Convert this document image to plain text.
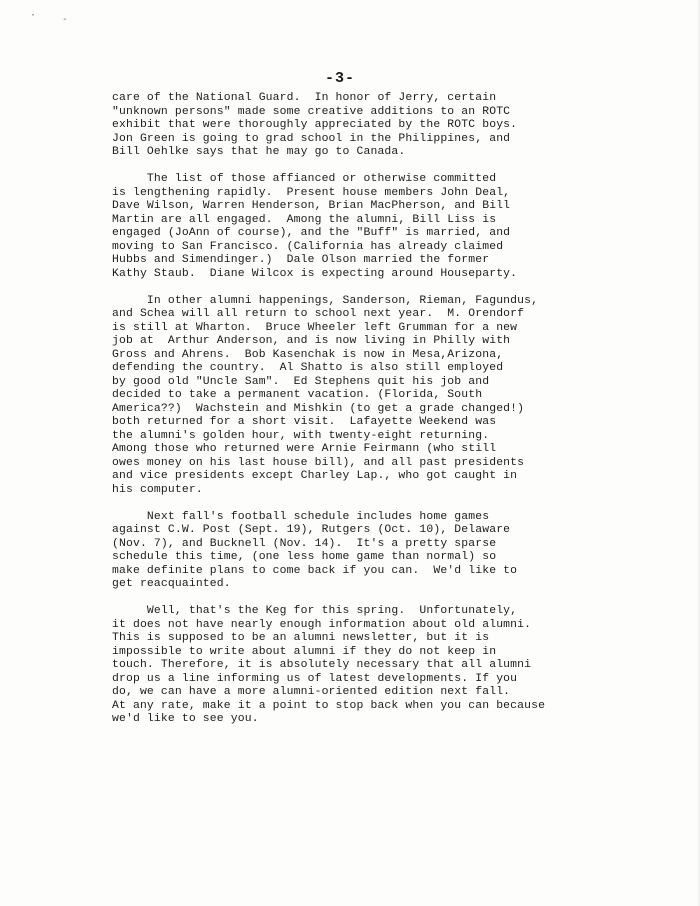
·	-
-3-

care of the National Guard.  In honor of Jerry, certain
"unknown persons" made some creative additions to an ROTC
exhibit that were thoroughly appreciated by the ROTC boys.
Jon Green is going to grad school in the Philippines, and
Bill Oehlke says that he may go to Canada.

The list of those affianced or otherwise committed
is lengthening rapidly.  Present house members John Deal,
Dave Wilson, Warren Henderson, Brian MacPherson, and Bill
Martin are all engaged.  Among the alumni, Bill Liss is
engaged (JoAnn of course), and the "Buff" is married, and
moving to San Francisco. (California has already claimed
Hubbs and Simendinger.)  Dale Olson married the former
Kathy Staub.  Diane Wilcox is expecting around Houseparty.

In other alumni happenings, Sanderson, Rieman, Fagundus,
and Schea will all return to school next year.  M. Orendorf
is still at Wharton.  Bruce Wheeler left Grumman for a new
job at  Arthur Anderson, and is now living in Philly with
Gross and Ahrens.  Bob Kasenchak is now in Mesa,Arizona,
defending the country.  Al Shatto is also still employed
by good old "Uncle Sam".  Ed Stephens quit his job and
decided to take a permanent vacation. (Florida, South
America??)  Wachstein and Mishkin (to get a grade changed!)
both returned for a short visit.  Lafayette Weekend was
the alumni's golden hour, with twenty-eight returning.
Among those who returned were Arnie Feirmann (who still
owes money on his last house bill), and all past presidents
and vice presidents except Charley Lap., who got caught in
his computer.

Next fall's football schedule includes home games
against C.W. Post (Sept. 19), Rutgers (Oct. 10), Delaware
(Nov. 7), and Bucknell (Nov. 14).  It's a pretty sparse
schedule this time, (one less home game than normal) so
make definite plans to come back if you can.  We'd like to
get reacquainted.

Well, that's the Keg for this spring.  Unfortunately,
it does not have nearly enough information about old alumni.
This is supposed to be an alumni newsletter, but it is
impossible to write about alumni if they do not keep in
touch. Therefore, it is absolutely necessary that all alumni
drop us a line informing us of latest developments. If you
do, we can have a more alumni-oriented edition next fall.
At any rate, make it a point to stop back when you can because
we'd like to see you.
